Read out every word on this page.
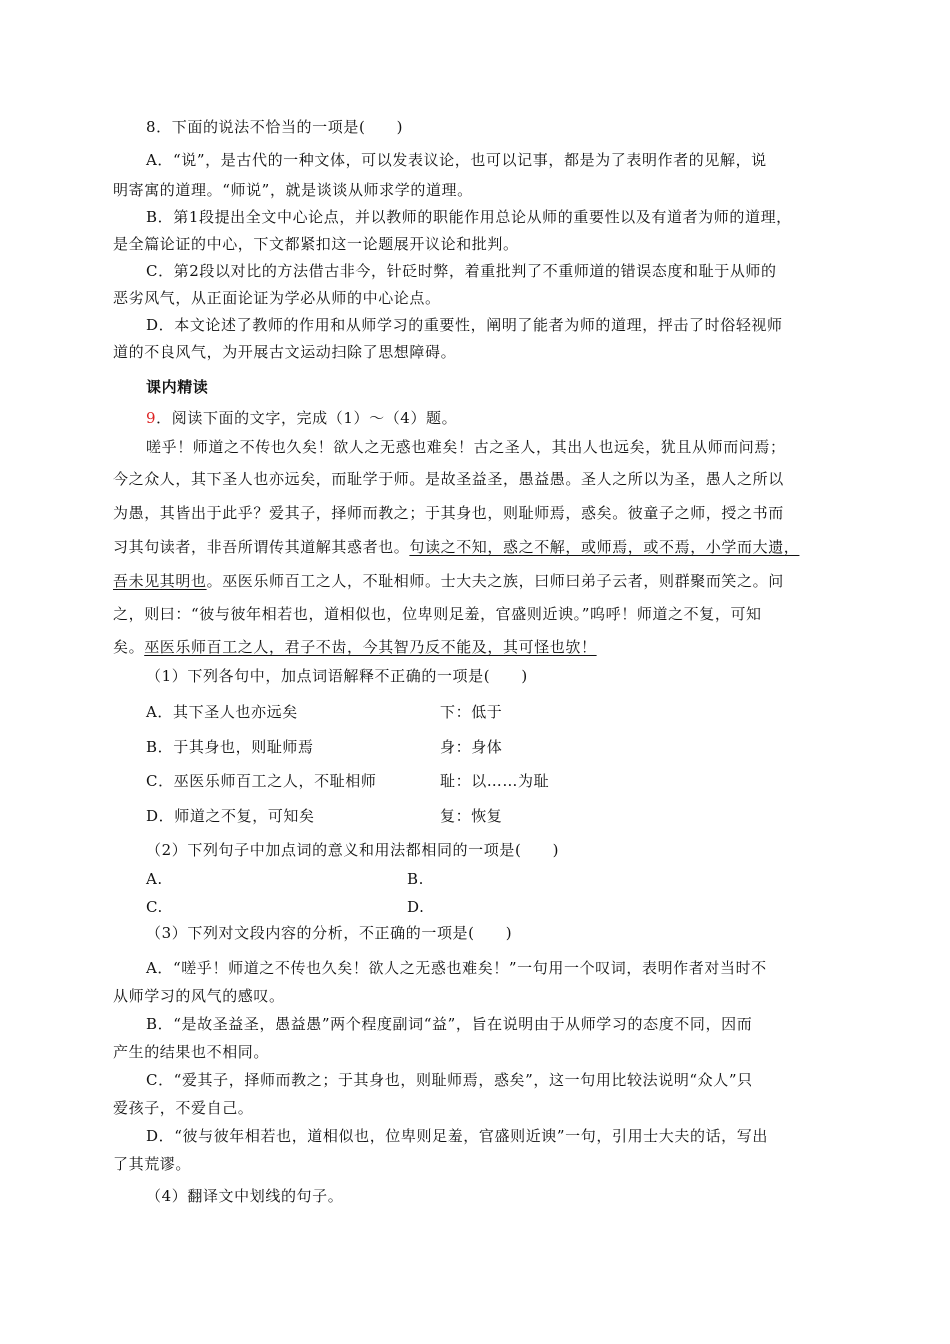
8．下面的说法不恰当的一项是(　　)
A．“说”，是古代的一种文体，可以发表议论，也可以记事，都是为了表明作者的见解，说
明寄寓的道理。“师说”，就是谈谈从师求学的道理。
B．第1段提出全文中心论点，并以教师的职能作用总论从师的重要性以及有道者为师的道理，
是全篇论证的中心，下文都紧扣这一论题展开议论和批判。
C．第2段以对比的方法借古非今，针砭时弊，着重批判了不重师道的错误态度和耻于从师的
恶劣风气，从正面论证为学必从师的中心论点。
D．本文论述了教师的作用和从师学习的重要性，阐明了能者为师的道理，抨击了时俗轻视师
道的不良风气，为开展古文运动扫除了思想障碍。
课内精读
9．阅读下面的文字，完成（1）～（4）题。
嗟乎！师道之不传也久矣！欲人之无惑也难矣！古之圣人，其出人也远矣，犹且从师而问焉；
今之众人，其下圣人也亦远矣，而耻学于师。是故圣益圣，愚益愚。圣人之所以为圣，愚人之所以
为愚，其皆出于此乎？爱其子，择师而教之；于其身也，则耻师焉，惑矣。彼童子之师，授之书而
习其句读者，非吾所谓传其道解其惑者也。句读之不知，惑之不解，或师焉，或不焉，小学而大遗，
吾未见其明也。巫医乐师百工之人，不耻相师。士大夫之族，曰师曰弟子云者，则群聚而笑之。问
之，则曰：“彼与彼年相若也，道相似也，位卑则足羞，官盛则近谀。”呜呼！师道之不复，可知
矣。巫医乐师百工之人，君子不齿，今其智乃反不能及，其可怪也欤！
（1）下列各句中，加点词语解释不正确的一项是(　　)
A．其下圣人也亦远矣	下：低于
B．于其身也，则耻师焉	身：身体
C．巫医乐师百工之人，不耻相师	耻：以……为耻
D．师道之不复，可知矣	复：恢复
（2）下列句子中加点词的意义和用法都相同的一项是(　　)
A.	B.
C.	D.
（3）下列对文段内容的分析，不正确的一项是(　　)
A．“嗟乎！师道之不传也久矣！欲人之无惑也难矣！”一句用一个叹词，表明作者对当时不
从师学习的风气的感叹。
B．“是故圣益圣，愚益愚”两个程度副词“益”，旨在说明由于从师学习的态度不同，因而
产生的结果也不相同。
C．“爱其子，择师而教之；于其身也，则耻师焉，惑矣”，这一句用比较法说明“众人”只
爱孩子，不爱自己。
D．“彼与彼年相若也，道相似也，位卑则足羞，官盛则近谀”一句，引用士大夫的话，写出
了其荒谬。
（4）翻译文中划线的句子。
